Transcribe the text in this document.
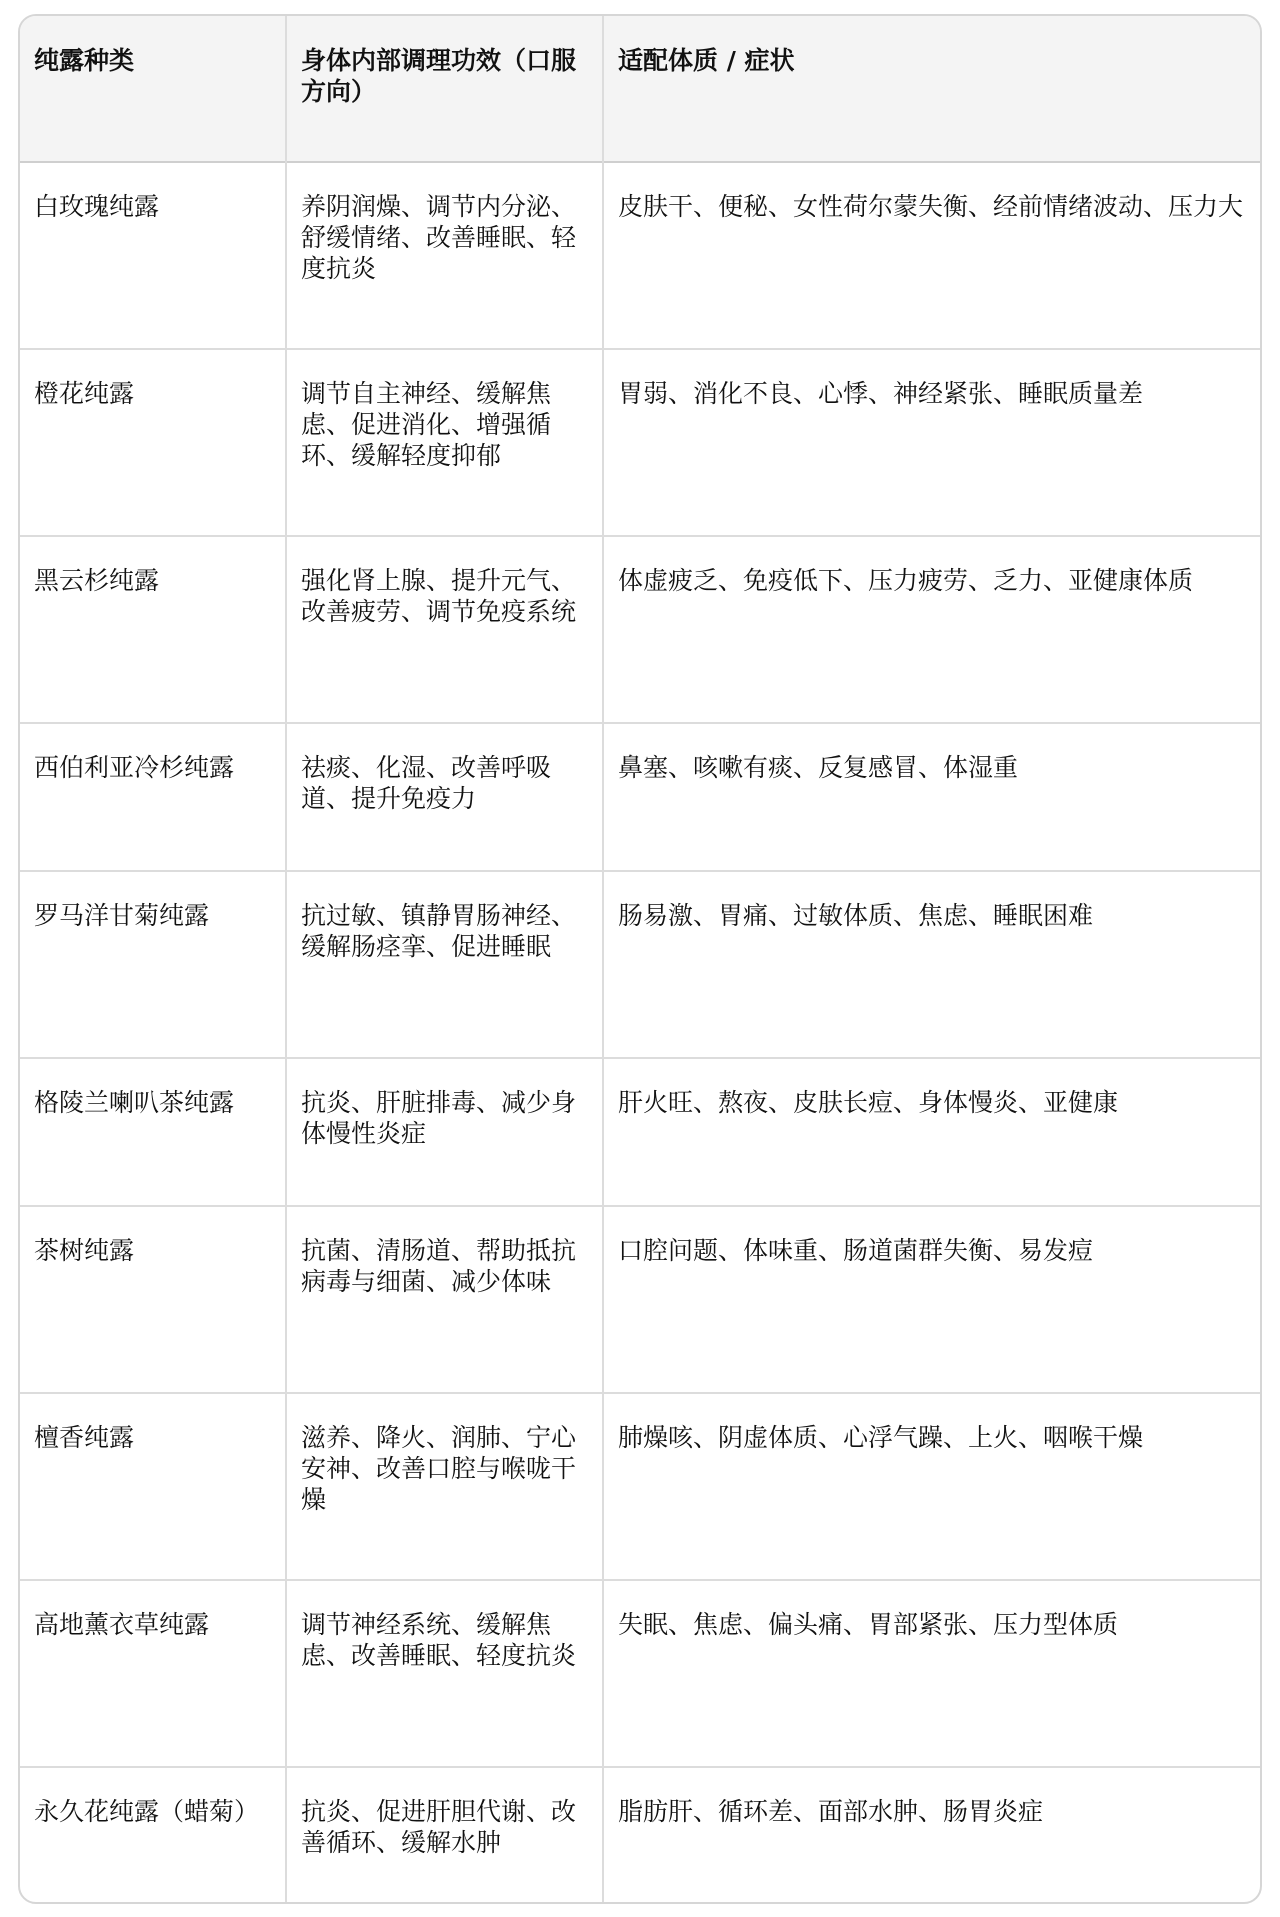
纯露种类	身体内部调理功效（口服方向）	适配体质 / 症状
白玫瑰纯露	养阴润燥、调节内分泌、舒缓情绪、改善睡眠、轻度抗炎	皮肤干、便秘、女性荷尔蒙失衡、经前情绪波动、压力大
橙花纯露	调节自主神经、缓解焦虑、促进消化、增强循环、缓解轻度抑郁	胃弱、消化不良、心悸、神经紧张、睡眠质量差
黑云杉纯露	强化肾上腺、提升元气、改善疲劳、调节免疫系统	体虚疲乏、免疫低下、压力疲劳、乏力、亚健康体质
西伯利亚冷杉纯露	祛痰、化湿、改善呼吸道、提升免疫力	鼻塞、咳嗽有痰、反复感冒、体湿重
罗马洋甘菊纯露	抗过敏、镇静胃肠神经、缓解肠痉挛、促进睡眠	肠易激、胃痛、过敏体质、焦虑、睡眠困难
格陵兰喇叭茶纯露	抗炎、肝脏排毒、减少身体慢性炎症	肝火旺、熬夜、皮肤长痘、身体慢炎、亚健康
茶树纯露	抗菌、清肠道、帮助抵抗病毒与细菌、减少体味	口腔问题、体味重、肠道菌群失衡、易发痘
檀香纯露	滋养、降火、润肺、宁心安神、改善口腔与喉咙干燥	肺燥咳、阴虚体质、心浮气躁、上火、咽喉干燥
高地薰衣草纯露	调节神经系统、缓解焦虑、改善睡眠、轻度抗炎	失眠、焦虑、偏头痛、胃部紧张、压力型体质
永久花纯露（蜡菊）	抗炎、促进肝胆代谢、改善循环、缓解水肿	脂肪肝、循环差、面部水肿、肠胃炎症
